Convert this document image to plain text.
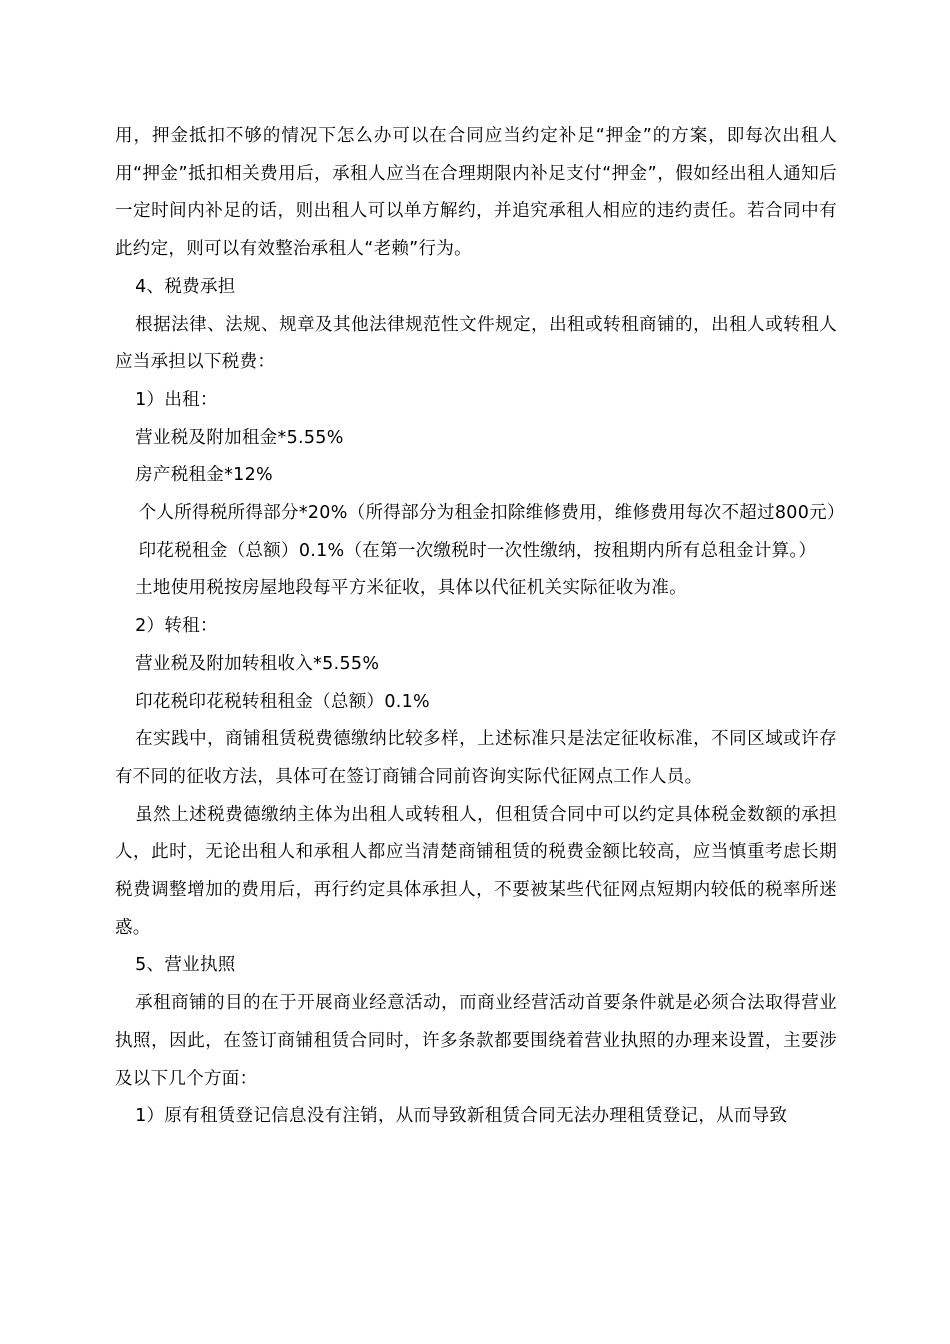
用，押金抵扣不够的情况下怎么办可以在合同应当约定补足“押金”的方案，即每次出租人用“押金”抵扣相关费用后，承租人应当在合理期限内补足支付“押金”，假如经出租人通知后一定时间内补足的话，则出租人可以单方解约，并追究承租人相应的违约责任。若合同中有此约定，则可以有效整治承租人“老赖”行为。

4、税费承担

根据法律、法规、规章及其他法律规范性文件规定，出租或转租商铺的，出租人或转租人应当承担以下税费：

1）出租：

营业税及附加租金*5.55%

房产税租金*12%

个人所得税所得部分*20%（所得部分为租金扣除维修费用，维修费用每次不超过800元）

印花税租金（总额）0.1%（在第一次缴税时一次性缴纳，按租期内所有总租金计算。）

土地使用税按房屋地段每平方米征收，具体以代征机关实际征收为准。

2）转租：

营业税及附加转租收入*5.55%

印花税印花税转租租金（总额）0.1%

在实践中，商铺租赁税费德缴纳比较多样，上述标准只是法定征收标准，不同区域或许存有不同的征收方法，具体可在签订商铺合同前咨询实际代征网点工作人员。

虽然上述税费德缴纳主体为出租人或转租人，但租赁合同中可以约定具体税金数额的承担人，此时，无论出租人和承租人都应当清楚商铺租赁的税费金额比较高，应当慎重考虑长期税费调整增加的费用后，再行约定具体承担人，不要被某些代征网点短期内较低的税率所迷惑。

5、营业执照

承租商铺的目的在于开展商业经意活动，而商业经营活动首要条件就是必须合法取得营业执照，因此，在签订商铺租赁合同时，许多条款都要围绕着营业执照的办理来设置，主要涉及以下几个方面：

1）原有租赁登记信息没有注销，从而导致新租赁合同无法办理租赁登记，从而导致
